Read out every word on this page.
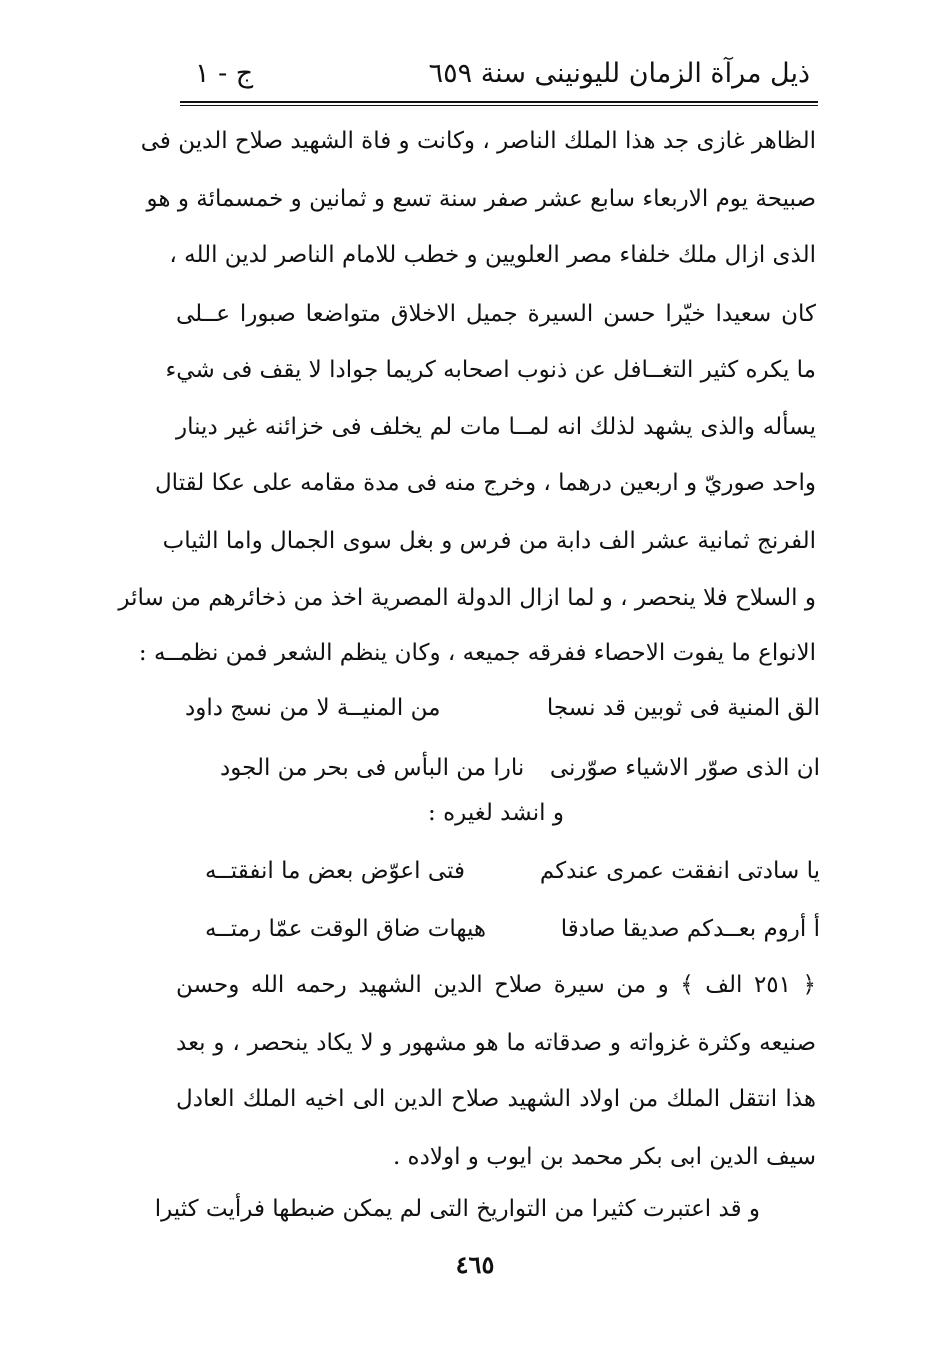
ذيل مرآة الزمان لليونينى سنة ٦٥٩
ج - ١
الظاهر غازى جد هذا الملك الناصر ، وكانت و فاة الشهيد صلاح الدين فى
صبيحة يوم الاربعاء سابع عشر صفر سنة تسع و ثمانين و خمسمائة و هو
الذى ازال ملك خلفاء مصر العلويين و خطب للامام الناصر لدين الله ،
كان سعيدا خيّرا حسن السيرة جميل الاخلاق متواضعا صبورا عــلى
ما يكره كثير التغــافل عن ذنوب اصحابه كريما جوادا لا يقف فى شيء
يسأله والذى يشهد لذلك انه لمــا مات لم يخلف فى خزائنه غير دينار
واحد صوريّ و اربعين درهما ، وخرج منه فى مدة مقامه على عكا لقتال
الفرنج ثمانية عشر الف دابة من فرس و بغل سوى الجمال واما الثياب
و السلاح فلا ينحصر ، و لما ازال الدولة المصرية اخذ من ذخائرهم من سائر
الانواع ما يفوت الاحصاء ففرقه جميعه ، وكان ينظم الشعر فمن نظمــه :
الق المنية فى ثوبين قد نسجا
من المنيــة لا من نسج داود
ان الذى صوّر الاشياء صوّرنى
نارا من البأس فى بحر من الجود
و انشد لغيره :
يا سادتى انفقت عمرى عندكم
فتى اعوّض بعض ما انفقتــه
أ أروم بعــدكم صديقا صادقا
هيهات ضاق الوقت عمّا رمتــه
﴿ ٢٥١ الف ﴾ و من سيرة صلاح الدين الشهيد رحمه الله وحسن
صنيعه وكثرة غزواته و صدقاته ما هو مشهور و لا يكاد ينحصر ، و بعد
هذا انتقل الملك من اولاد الشهيد صلاح الدين الى اخيه الملك العادل
سيف الدين ابى بكر محمد بن ايوب و اولاده .
و قد اعتبرت كثيرا من التواريخ التى لم يمكن ضبطها فرأيت كثيرا
٤٦٥
